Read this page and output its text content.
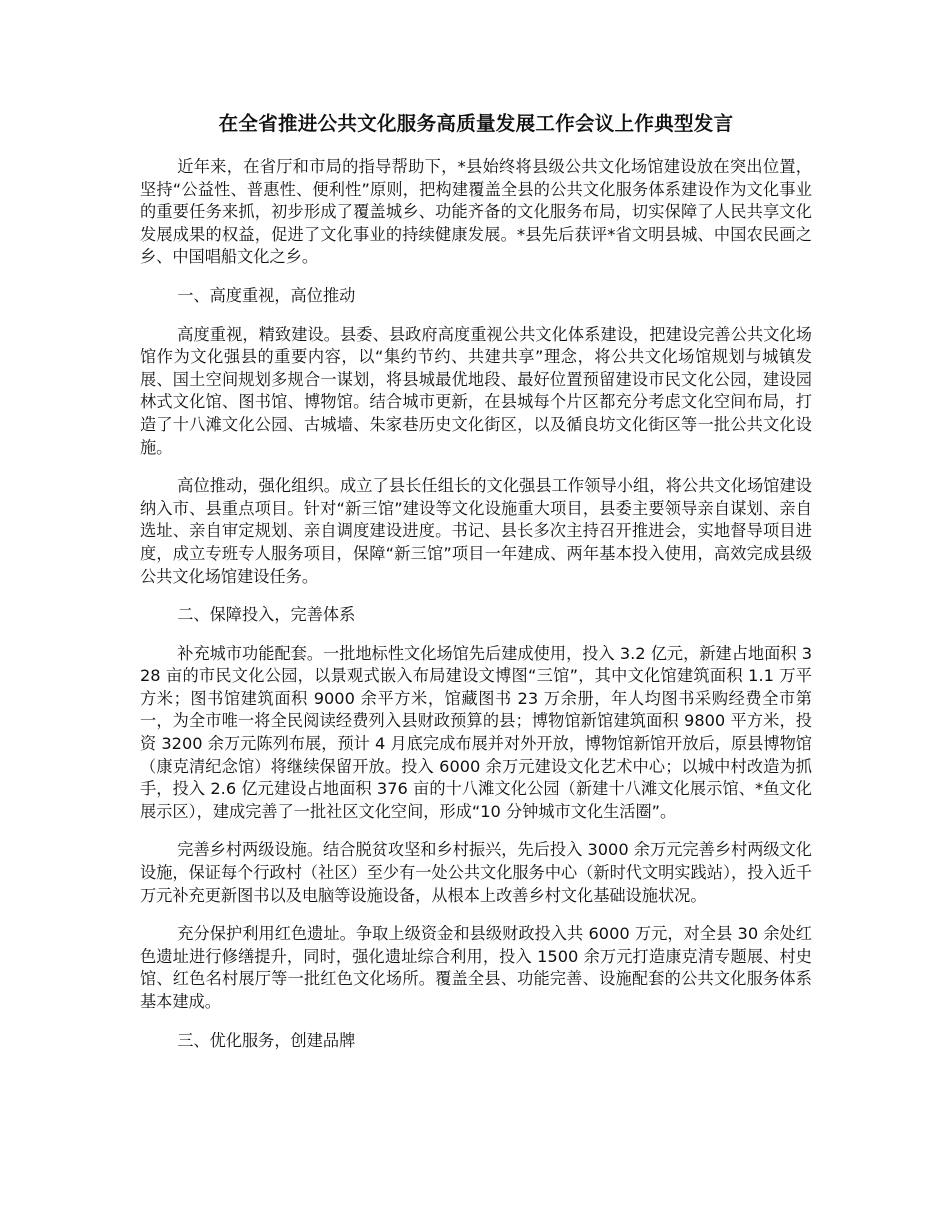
在全省推进公共文化服务高质量发展工作会议上作典型发言

近年来，在省厅和市局的指导帮助下，*县始终将县级公共文化场馆建设放在突出位置，坚持“公益性、普惠性、便利性”原则，把构建覆盖全县的公共文化服务体系建设作为文化事业的重要任务来抓，初步形成了覆盖城乡、功能齐备的文化服务布局，切实保障了人民共享文化发展成果的权益，促进了文化事业的持续健康发展。*县先后获评*省文明县城、中国农民画之乡、中国唱船文化之乡。

一、高度重视，高位推动

高度重视，精致建设。县委、县政府高度重视公共文化体系建设，把建设完善公共文化场馆作为文化强县的重要内容，以“集约节约、共建共享”理念，将公共文化场馆规划与城镇发展、国土空间规划多规合一谋划，将县城最优地段、最好位置预留建设市民文化公园，建设园林式文化馆、图书馆、博物馆。结合城市更新，在县城每个片区都充分考虑文化空间布局，打造了十八滩文化公园、古城墙、朱家巷历史文化街区，以及循良坊文化街区等一批公共文化设施。

高位推动，强化组织。成立了县长任组长的文化强县工作领导小组，将公共文化场馆建设纳入市、县重点项目。针对“新三馆”建设等文化设施重大项目，县委主要领导亲自谋划、亲自选址、亲自审定规划、亲自调度建设进度。书记、县长多次主持召开推进会，实地督导项目进度，成立专班专人服务项目，保障“新三馆”项目一年建成、两年基本投入使用，高效完成县级公共文化场馆建设任务。

二、保障投入，完善体系

补充城市功能配套。一批地标性文化场馆先后建成使用，投入 3.2 亿元，新建占地面积 328 亩的市民文化公园，以景观式嵌入布局建设文博图“三馆”，其中文化馆建筑面积 1.1 万平方米；图书馆建筑面积 9000 余平方米，馆藏图书 23 万余册，年人均图书采购经费全市第一，为全市唯一将全民阅读经费列入县财政预算的县；博物馆新馆建筑面积 9800 平方米，投资 3200 余万元陈列布展，预计 4 月底完成布展并对外开放，博物馆新馆开放后，原县博物馆（康克清纪念馆）将继续保留开放。投入 6000 余万元建设文化艺术中心；以城中村改造为抓手，投入 2.6 亿元建设占地面积 376 亩的十八滩文化公园（新建十八滩文化展示馆、*鱼文化展示区），建成完善了一批社区文化空间，形成“10 分钟城市文化生活圈”。

完善乡村两级设施。结合脱贫攻坚和乡村振兴，先后投入 3000 余万元完善乡村两级文化设施，保证每个行政村（社区）至少有一处公共文化服务中心（新时代文明实践站），投入近千万元补充更新图书以及电脑等设施设备，从根本上改善乡村文化基础设施状况。

充分保护利用红色遗址。争取上级资金和县级财政投入共 6000 万元，对全县 30 余处红色遗址进行修缮提升，同时，强化遗址综合利用，投入 1500 余万元打造康克清专题展、村史馆、红色名村展厅等一批红色文化场所。覆盖全县、功能完善、设施配套的公共文化服务体系基本建成。

三、优化服务，创建品牌
